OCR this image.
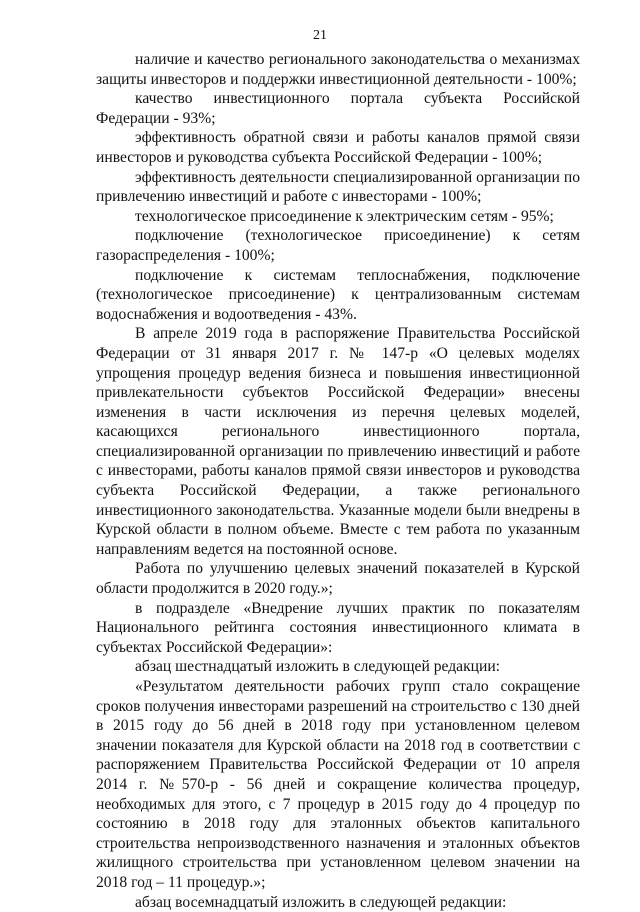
21

наличие и качество регионального законодательства о механизмах защиты инвесторов и поддержки инвестиционной деятельности - 100%;

качество инвестиционного портала субъекта Российской Федерации - 93%;

эффективность обратной связи и работы каналов прямой связи инвесторов и руководства субъекта Российской Федерации - 100%;

эффективность деятельности специализированной организации по привлечению инвестиций и работе с инвесторами - 100%;

технологическое присоединение к электрическим сетям - 95%;

подключение (технологическое присоединение) к сетям газораспределения - 100%;

подключение к системам теплоснабжения, подключение (технологическое присоединение) к централизованным системам водоснабжения и водоотведения - 43%.

В апреле 2019 года в распоряжение Правительства Российской Федерации от 31 января 2017 г. № 147-р «О целевых моделях упрощения процедур ведения бизнеса и повышения инвестиционной привлекательности субъектов Российской Федерации» внесены изменения в части исключения из перечня целевых моделей, касающихся регионального инвестиционного портала, специализированной организации по привлечению инвестиций и работе с инвесторами, работы каналов прямой связи инвесторов и руководства субъекта Российской Федерации, а также регионального инвестиционного законодательства. Указанные модели были внедрены в Курской области в полном объеме. Вместе с тем работа по указанным направлениям ведется на постоянной основе.

Работа по улучшению целевых значений показателей в Курской области продолжится в 2020 году.»;

в подразделе «Внедрение лучших практик по показателям Национального рейтинга состояния инвестиционного климата в субъектах Российской Федерации»:

абзац шестнадцатый изложить в следующей редакции:

«Результатом деятельности рабочих групп стало сокращение сроков получения инвесторами разрешений на строительство с 130 дней в 2015 году до 56 дней в 2018 году при установленном целевом значении показателя для Курской области на 2018 год в соответствии с распоряжением Правительства Российской Федерации от 10 апреля 2014 г. №570-р - 56 дней и сокращение количества процедур, необходимых для этого, с 7 процедур в 2015 году до 4 процедур по состоянию в 2018 году для эталонных объектов капитального строительства непроизводственного назначения и эталонных объектов жилищного строительства при установленном целевом значении на 2018 год – 11 процедур.»;

абзац восемнадцатый изложить в следующей редакции:
